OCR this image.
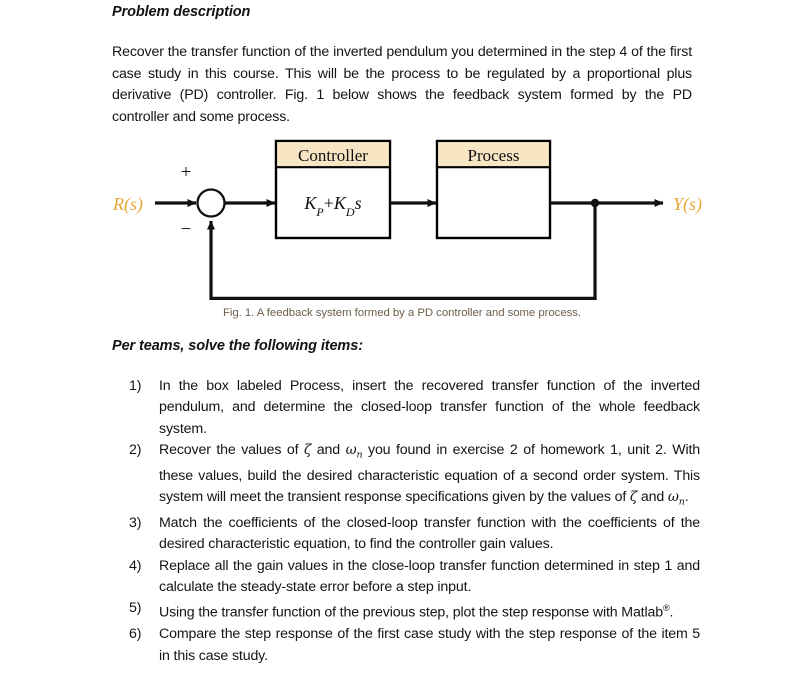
Problem description
Recover the transfer function of the inverted pendulum you determined in the step 4 of the first case study in this course. This will be the process to be regulated by a proportional plus derivative (PD) controller. Fig. 1 below shows the feedback system formed by the PD controller and some process.
Controller
$K_P+K_Ds$
Process
+
−
R(s)	Y(s)
Fig. 1. A feedback system formed by a PD controller and some process.
Per teams, solve the following items:
1)	In the box labeled Process, insert the recovered transfer function of the inverted pendulum, and determine the closed-loop transfer function of the whole feedback system.
2)	Recover the values of ζ and $\omega_n$ you found in exercise 2 of homework 1, unit 2. With these values, build the desired characteristic equation of a second order system. This system will meet the transient response specifications given by the values of ζ and $\omega_n$.
3)	Match the coefficients of the closed-loop transfer function with the coefficients of the desired characteristic equation, to find the controller gain values.
4)	Replace all the gain values in the close-loop transfer function determined in step 1 and calculate the steady-state error before a step input.
5)	Using the transfer function of the previous step, plot the step response with Matlab®.
6)	Compare the step response of the first case study with the step response of the item 5 in this case study.
